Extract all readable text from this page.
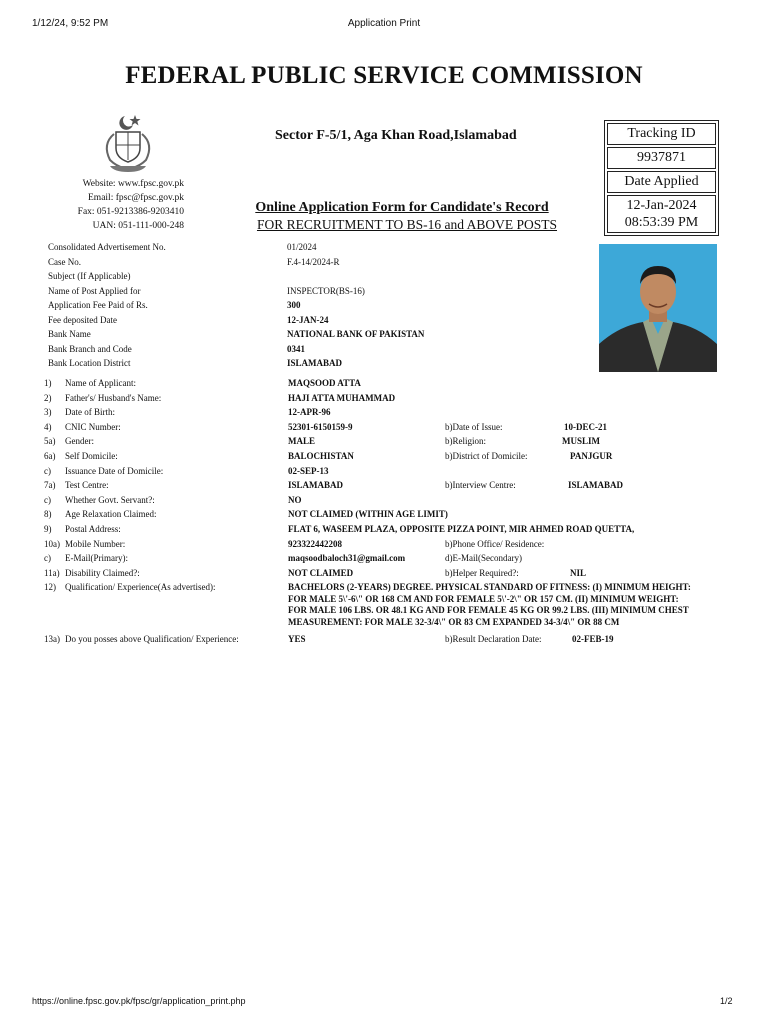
1/12/24, 9:52 PM	Application Print
FEDERAL PUBLIC SERVICE COMMISSION
Website: www.fpsc.gov.pk
Email: fpsc@fpsc.gov.pk
Fax: 051-9213386-9203410
UAN: 051-111-000-248
Sector F-5/1, Aga Khan Road,Islamabad
Online Application Form for Candidate's Record
FOR RECRUITMENT TO BS-16 and ABOVE POSTS
Tracking ID
9937871
Date Applied
12-Jan-2024
08:53:39 PM
Consolidated Advertisement No.	01/2024
Case No.	F.4-14/2024-R
Subject (If Applicable)
Name of Post Applied for	INSPECTOR(BS-16)
Application Fee Paid of Rs.	300
Fee deposited Date	12-JAN-24
Bank Name	NATIONAL BANK OF PAKISTAN
Bank Branch and Code	0341
Bank Location District	ISLAMABAD
1) Name of Applicant:	MAQSOOD ATTA
2) Father's/ Husband's Name:	HAJI ATTA MUHAMMAD
3) Date of Birth:	12-APR-96
4) CNIC Number:	52301-6150159-9	b)Date of Issue:	10-DEC-21
5a) Gender:	MALE	b)Religion:	MUSLIM
6a) Self Domicile:	BALOCHISTAN	b)District of Domicile:	PANJGUR
c) Issuance Date of Domicile:	02-SEP-13
7a) Test Centre:	ISLAMABAD	b)Interview Centre:	ISLAMABAD
c) Whether Govt. Servant?:	NO
8) Age Relaxation Claimed:	NOT CLAIMED (WITHIN AGE LIMIT)
9) Postal Address:	FLAT 6, WASEEM PLAZA, OPPOSITE PIZZA POINT, MIR AHMED ROAD QUETTA,
10a) Mobile Number:	923322442208	b)Phone Office/ Residence:
c) E-Mail(Primary):	maqsoodbaloch31@gmail.com	d)E-Mail(Secondary)
11a) Disability Claimed?:	NOT CLAIMED	b)Helper Required?:	NIL
12) Qualification/ Experience(As advertised):	BACHELORS (2-YEARS) DEGREE. PHYSICAL STANDARD OF FITNESS: (I) MINIMUM HEIGHT:
FOR MALE 5\'-6\" OR 168 CM AND FOR FEMALE 5\'-2\" OR 157 CM. (II) MINIMUM WEIGHT:
FOR MALE 106 LBS. OR 48.1 KG AND FOR FEMALE 45 KG OR 99.2 LBS. (III) MINIMUM CHEST
MEASUREMENT: FOR MALE 32-3/4\" OR 83 CM EXPANDED 34-3/4\" OR 88 CM
13a) Do you posses above Qualification/ Experience:	YES	b)Result Declaration Date:	02-FEB-19
https://online.fpsc.gov.pk/fpsc/gr/application_print.php	1/2
